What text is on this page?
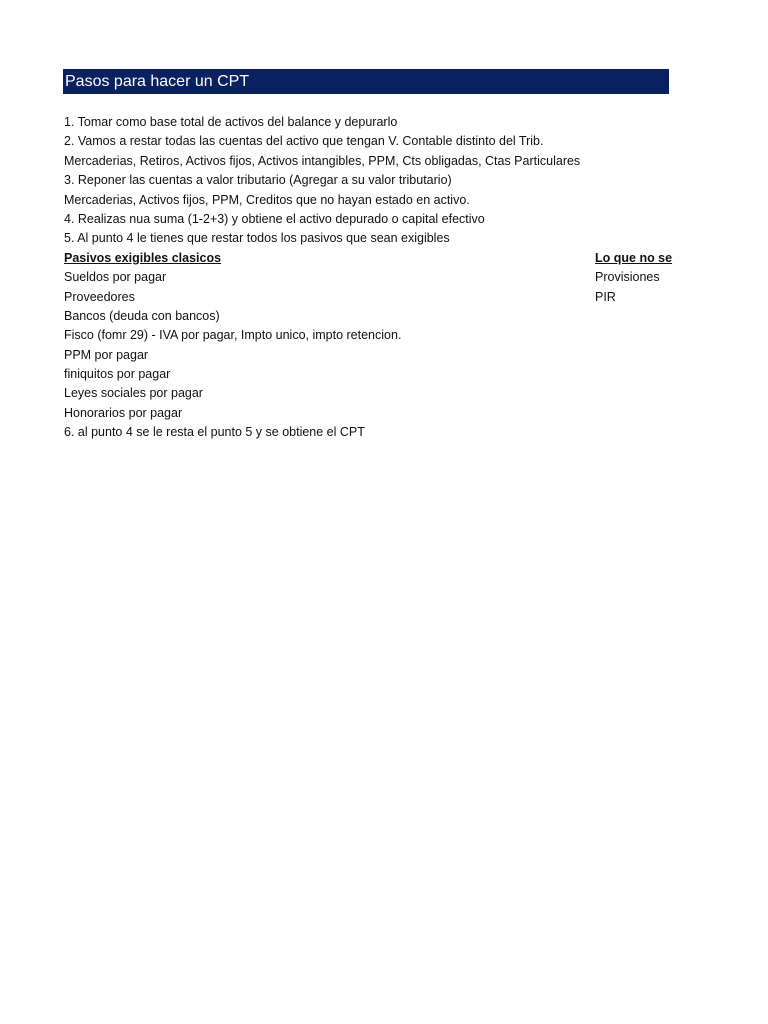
Pasos para hacer un CPT
1. Tomar como base total de activos del balance y depurarlo
2. Vamos a restar todas las cuentas del activo que tengan V. Contable distinto del Trib.
Mercaderias, Retiros, Activos fijos, Activos intangibles, PPM, Cts obligadas, Ctas Particulares
3. Reponer las cuentas a valor tributario (Agregar a su valor tributario)
Mercaderias, Activos fijos, PPM, Creditos que no hayan estado en activo.
4. Realizas nua suma (1-2+3) y obtiene el activo depurado o capital efectivo
5. Al punto 4 le tienes que restar todos los pasivos que sean exigibles
Pasivos exigibles clasicos
Sueldos por pagar
Proveedores
Bancos (deuda con bancos)
Fisco (fomr 29) - IVA por pagar, Impto unico, impto retencion.
PPM por pagar
finiquitos por pagar
Leyes sociales por pagar
Honorarios por pagar
6. al punto 4 se le resta el punto 5 y se obtiene el CPT
Lo que no se
Provisiones
PIR
